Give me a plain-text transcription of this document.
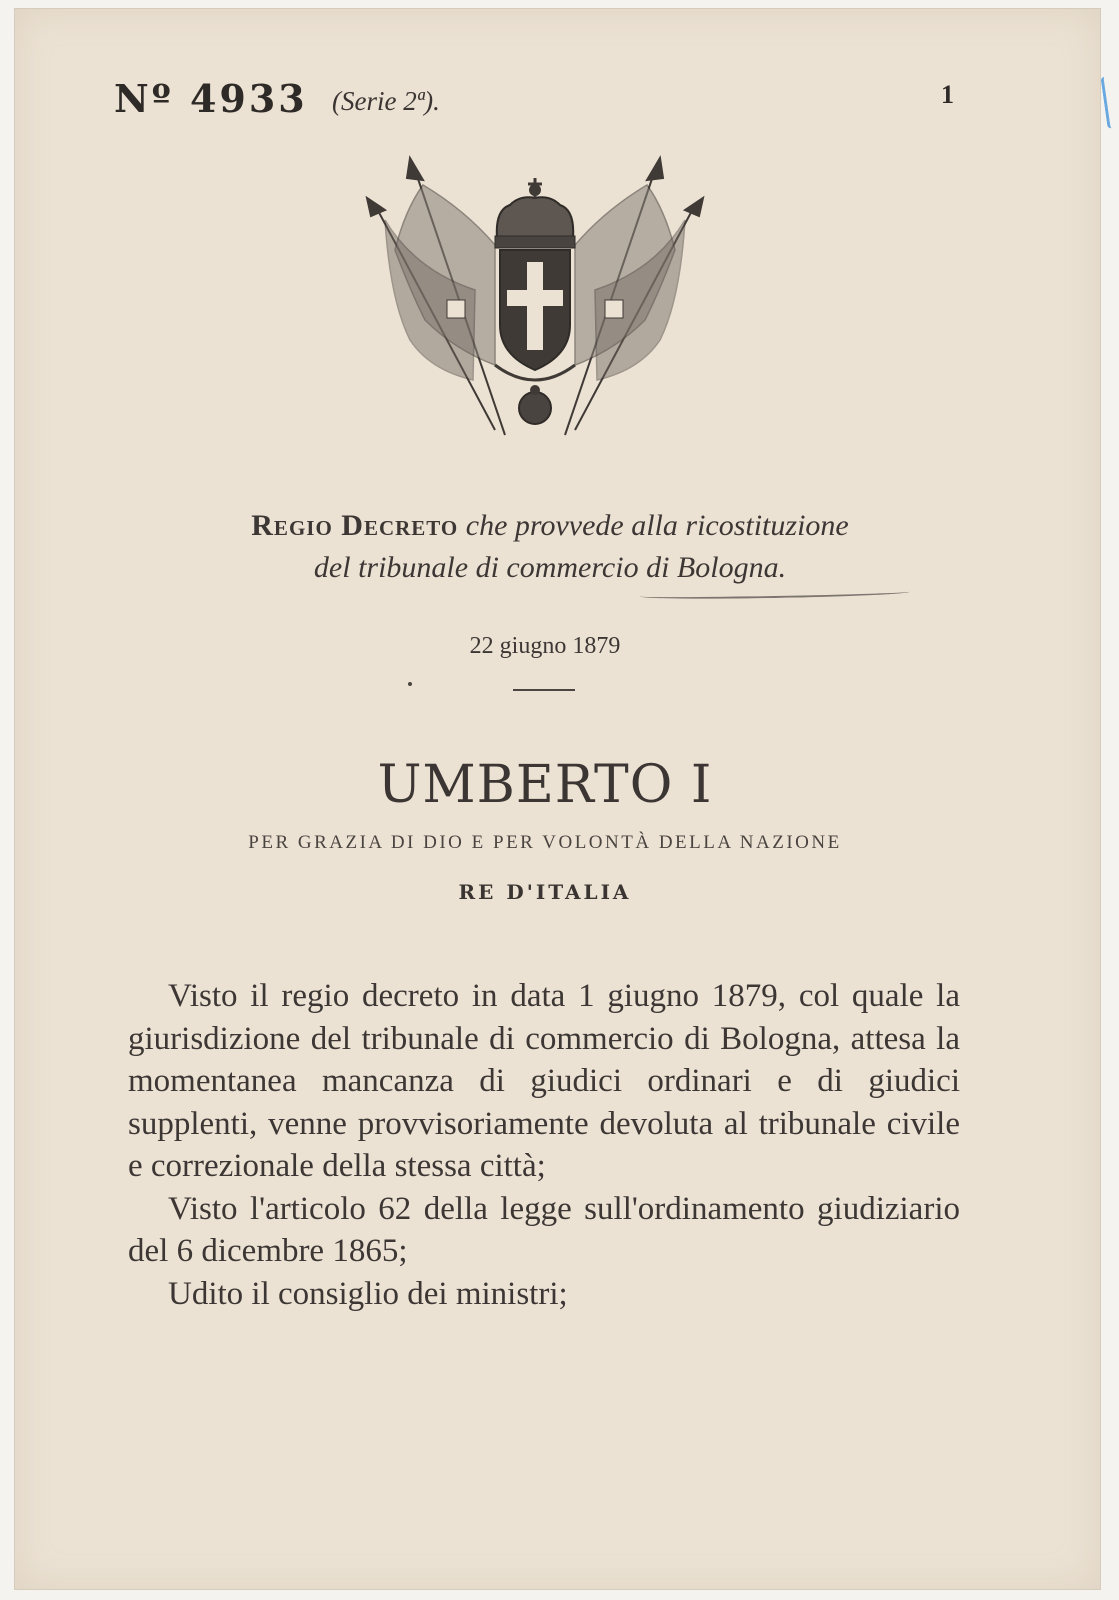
Nº 4933 (Serie 2ª).	1
Regio Decreto che provvede alla ricostituzione
del tribunale di commercio di Bologna.
22 giugno 1879
UMBERTO I
PER GRAZIA DI DIO E PER VOLONTÀ DELLA NAZIONE
RE D'ITALIA

Visto il regio decreto in data 1 giugno 1879, col quale la giurisdizione del tribunale di commercio di Bologna, attesa la momentanea mancanza di giudici ordinari e di giudici supplenti, venne provvisoriamente devoluta al tribunale civile e correzionale della stessa città;

Visto l'articolo 62 della legge sull'ordinamento giudiziario del 6 dicembre 1865;

Udito il consiglio dei ministri;
